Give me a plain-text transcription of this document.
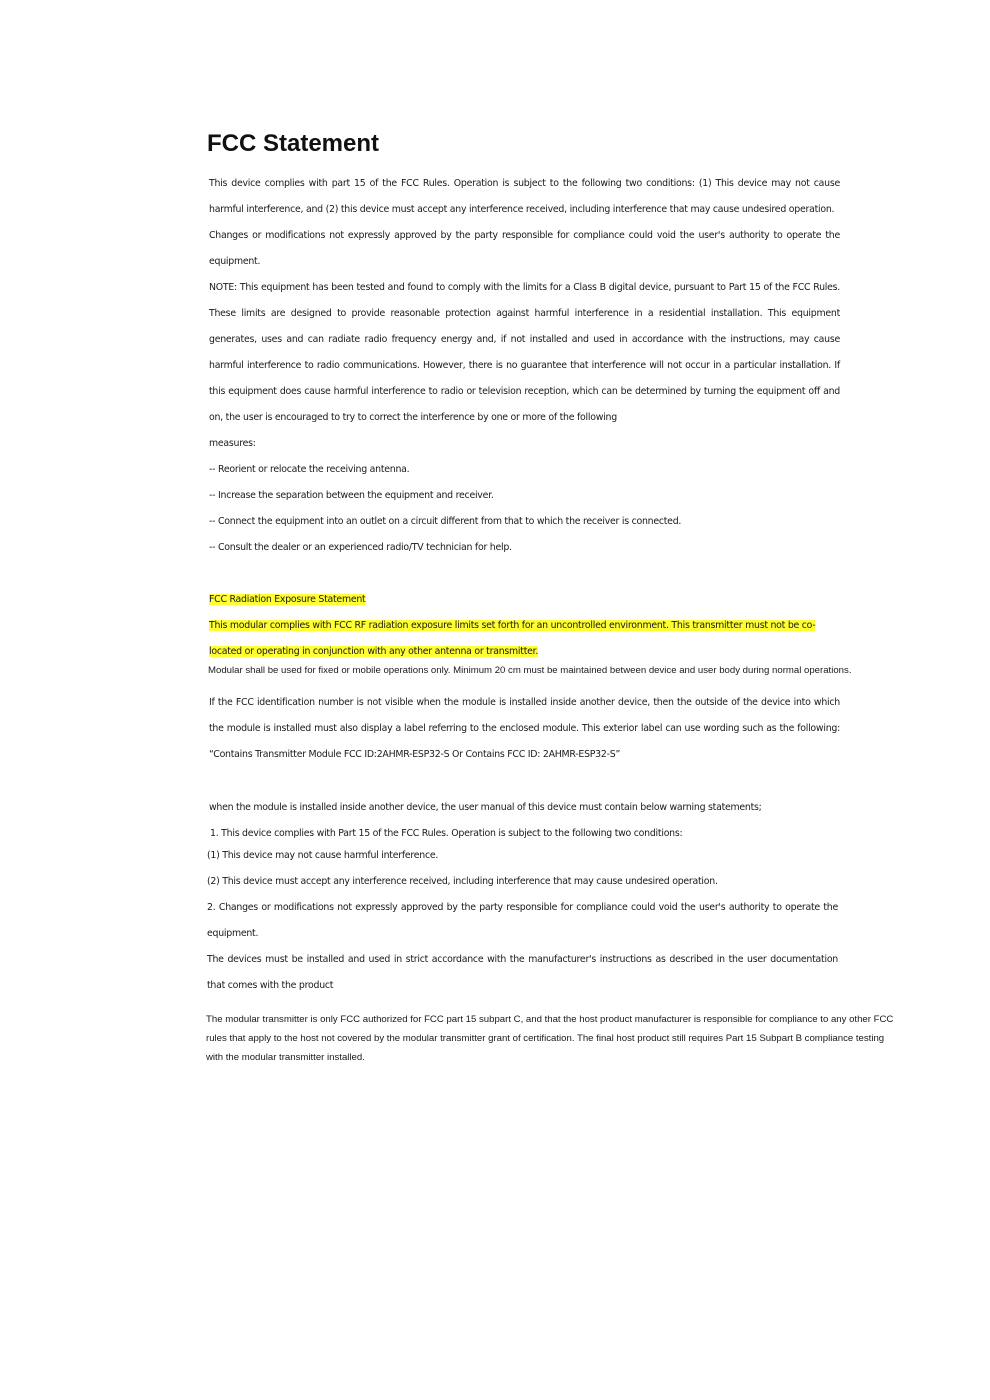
FCC Statement

This device complies with part 15 of the FCC Rules. Operation is subject to the following two conditions: (1) This device may not cause harmful interference, and (2) this device must accept any interference received, including interference that may cause undesired operation.

Changes or modifications not expressly approved by the party responsible for compliance could void the user's authority to operate the equipment.

NOTE: This equipment has been tested and found to comply with the limits for a Class B digital device, pursuant to Part 15 of the FCC Rules. These limits are designed to provide reasonable protection against harmful interference in a residential installation. This equipment generates, uses and can radiate radio frequency energy and, if not installed and used in accordance with the instructions, may cause harmful interference to radio communications. However, there is no guarantee that interference will not occur in a particular installation. If this equipment does cause harmful interference to radio or television reception, which can be determined by turning the equipment off and on, the user is encouraged to try to correct the interference by one or more of the following

measures:

-- Reorient or relocate the receiving antenna.

-- Increase the separation between the equipment and receiver.

-- Connect the equipment into an outlet on a circuit different from that to which the receiver is connected.

-- Consult the dealer or an experienced radio/TV technician for help.

FCC Radiation Exposure Statement

This modular complies with FCC RF radiation exposure limits set forth for an uncontrolled environment. This transmitter must not be co-

located or operating in conjunction with any other antenna or transmitter.

Modular shall be used for fixed or mobile operations only. Minimum 20 cm must be maintained between device and user body during normal operations.

If the FCC identification number is not visible when the module is installed inside another device, then the outside of the device into which the module is installed must also display a label referring to the enclosed module. This exterior label can use wording such as the following: “Contains Transmitter Module FCC ID:2AHMR-ESP32-S Or Contains FCC ID: 2AHMR-ESP32-S”

when the module is installed inside another device, the user manual of this device must contain below warning statements;

1. This device complies with Part 15 of the FCC Rules. Operation is subject to the following two conditions:

(1) This device may not cause harmful interference.

(2) This device must accept any interference received, including interference that may cause undesired operation.

2. Changes or modifications not expressly approved by the party responsible for compliance could void the user's authority to operate the equipment.

The devices must be installed and used in strict accordance with the manufacturer's instructions as described in the user documentation that comes with the product

The modular transmitter is only FCC authorized for FCC part 15 subpart C, and that the host product manufacturer is responsible for compliance to any other FCC rules that apply to the host not covered by the modular transmitter grant of certification. The final host product still requires Part 15 Subpart B compliance testing with the modular transmitter installed.
